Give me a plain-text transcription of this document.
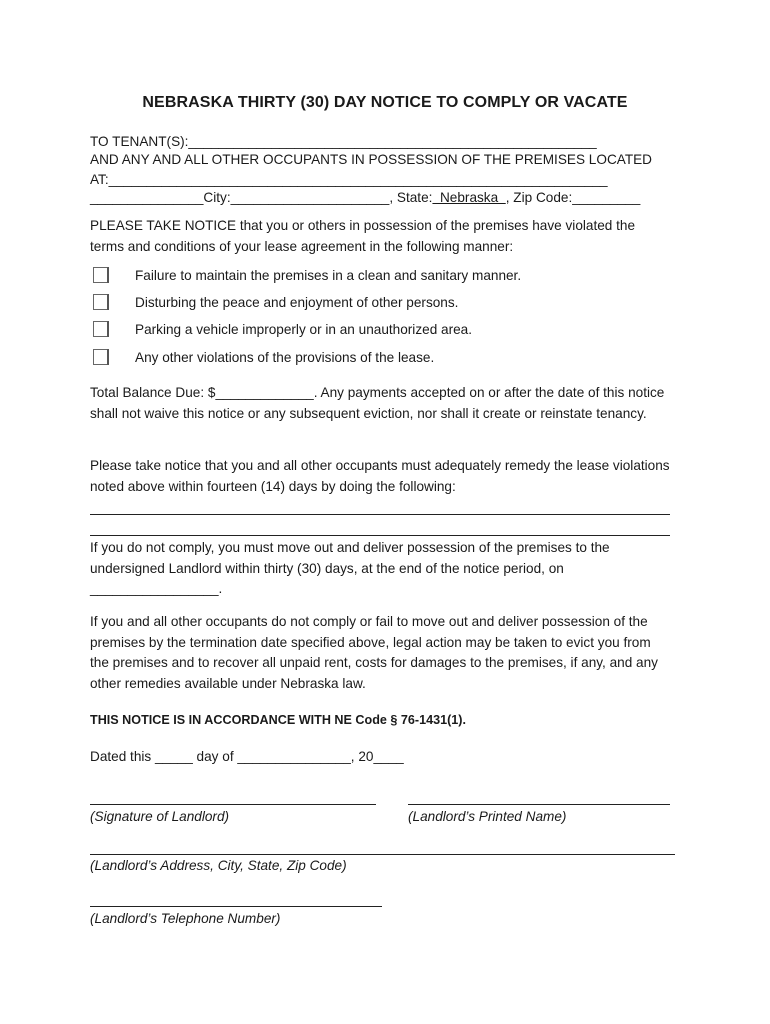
NEBRASKA THIRTY (30) DAY NOTICE TO COMPLY OR VACATE
TO TENANT(S):______________________________________________________
AND ANY AND ALL OTHER OCCUPANTS IN POSSESSION OF THE PREMISES LOCATED
AT:__________________________________________________________________
_______________City:_____________________, State:  Nebraska  , Zip Code:_________
PLEASE TAKE NOTICE that you or others in possession of the premises have violated the terms and conditions of your lease agreement in the following manner:
Failure to maintain the premises in a clean and sanitary manner.
Disturbing the peace and enjoyment of other persons.
Parking a vehicle improperly or in an unauthorized area.
Any other violations of the provisions of the lease.
Total Balance Due: $_____________. Any payments accepted on or after the date of this notice shall not waive this notice or any subsequent eviction, nor shall it create or reinstate tenancy.
Please take notice that you and all other occupants must adequately remedy the lease violations noted above within fourteen (14) days by doing the following:
If you do not comply, you must move out and deliver possession of the premises to the undersigned Landlord within thirty (30) days, at the end of the notice period, on _________________.
If you and all other occupants do not comply or fail to move out and deliver possession of the premises by the termination date specified above, legal action may be taken to evict you from the premises and to recover all unpaid rent, costs for damages to the premises, if any, and any other remedies available under Nebraska law.
THIS NOTICE IS IN ACCORDANCE WITH NE Code § 76-1431(1).
Dated this _____ day of _______________, 20____
(Signature of Landlord)	(Landlord’s Printed Name)
(Landlord’s Address, City, State, Zip Code)
(Landlord’s Telephone Number)
